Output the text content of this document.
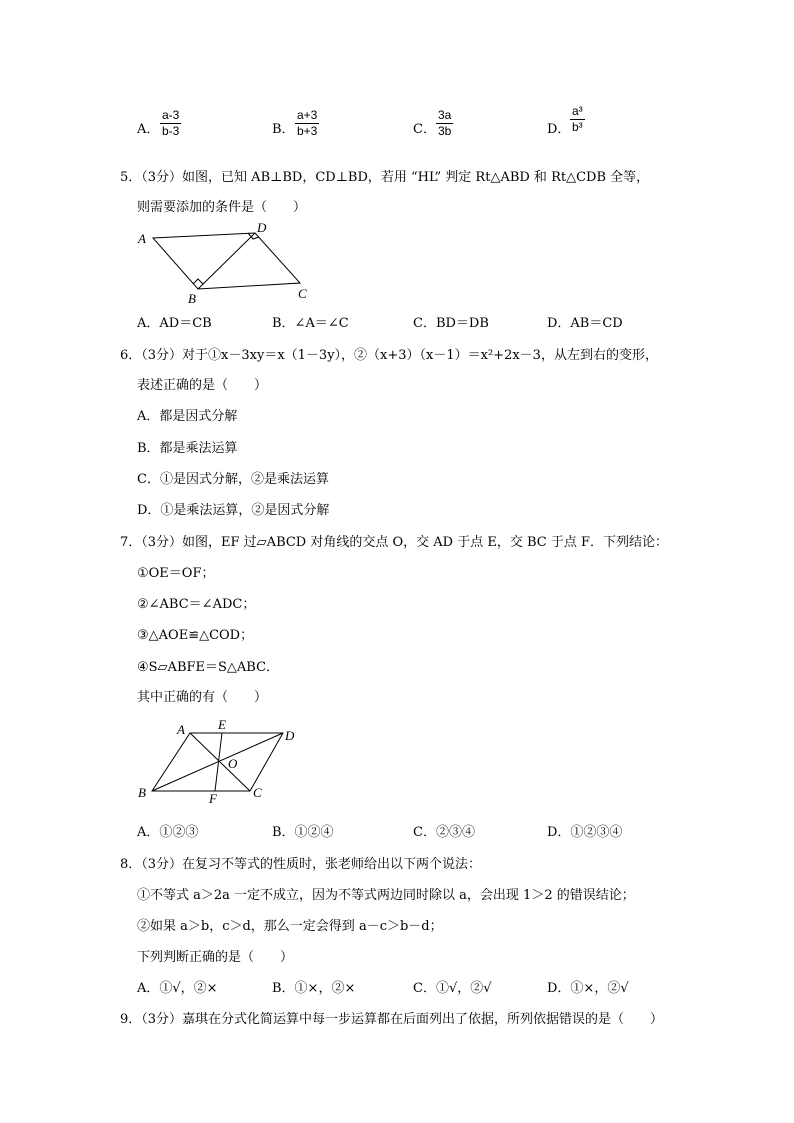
A． $\frac{a-3}{b-3}$	B． $\frac{a+3}{b+3}$	C． $\frac{3a}{3b}$	D． $\frac{\text{a³}}{\text{b³}}$
5．（3分）如图，已知 AB⊥BD，CD⊥BD，若用 “HL” 判定 Rt△ABD 和 Rt△CDB 全等，
则需要添加的条件是（　　）
A
D
B	C
A．AD＝CB	B．∠A＝∠C	C．BD＝DB	D．AB＝CD
6．（3分）对于①x－3xy＝x（1－3y），②（x+3）（x－1）＝x²+2x－3，从左到右的变形，
表述正确的是（　　）
A．都是因式分解
B．都是乘法运算
C．①是因式分解，②是乘法运算
D．①是乘法运算，②是因式分解
7．（3分）如图，EF 过▱ABCD 对角线的交点 O，交 AD 于点 E，交 BC 于点 F．下列结论：
①OE＝OF；
②∠ABC＝∠ADC；
③△AOE≌△COD；
④S▱ABFE＝S△ABC．
其中正确的有（　　）
A	E
D
O
B	F	C
A．①②③	B．①②④	C．②③④	D．①②③④
8．（3分）在复习不等式的性质时，张老师给出以下两个说法：
①不等式 a＞2a 一定不成立，因为不等式两边同时除以 a，会出现 1＞2 的错误结论；
②如果 a＞b，c＞d，那么一定会得到 a－c＞b－d；
下列判断正确的是（　　）
A．①√，②×	B．①×，②×	C．①√，②√	D．①×，②√
9．（3分）嘉琪在分式化简运算中每一步运算都在后面列出了依据，所列依据错误的是（　　）
